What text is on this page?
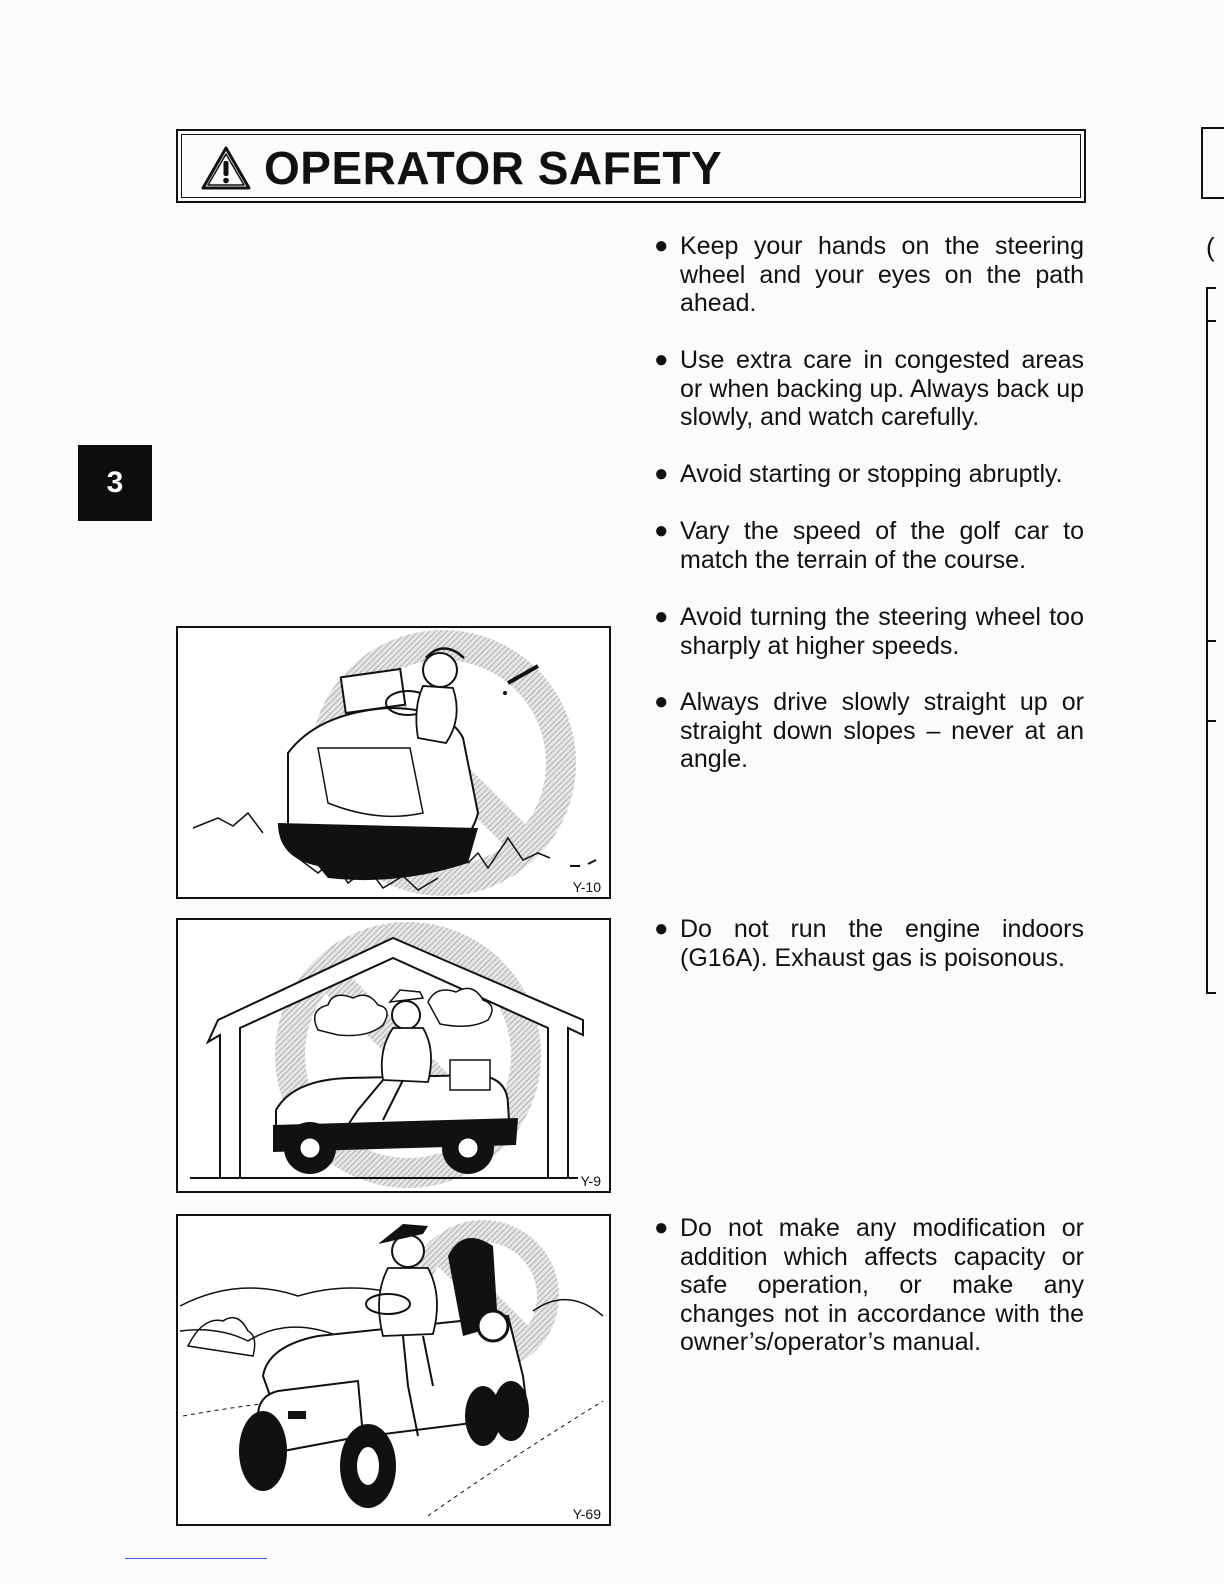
OPERATOR SAFETY
(
3
● Keep your hands on the steering wheel and your eyes on the path ahead.
● Use extra care in congested areas or when backing up. Always back up slowly, and watch carefully.
● Avoid starting or stopping abruptly.
● Vary the speed of the golf car to match the terrain of the course.
● Avoid turning the steering wheel too sharply at higher speeds.
● Always drive slowly straight up or straight down slopes – never at an angle.
● Do not run the engine indoors (G16A). Exhaust gas is poisonous.
● Do not make any modification or addition which affects capacity or safe operation, or make any changes not in accordance with the owner’s/operator’s manual.
Y-10
Y-9
Y-69
